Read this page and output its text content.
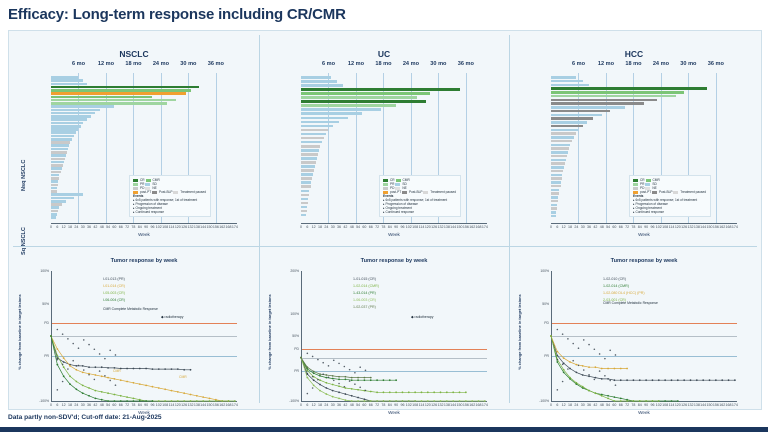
Efficacy: Long-term response including CR/CMR
NSCLC	UC	HCC
6 mo 12 mo 18 mo 24 mo 30 mo 36 mo	6 mo 12 mo 18 mo 24 mo 30 mo 36 mo	6 mo 12 mo 18 mo 24 mo 30 mo 36 mo
0 6 12 18 24 30 36 42 48 54 60 66 72 78 84 90 96 102 108 114 120 126 132 138 144 150 156 162 168 174
Week
CR CMR
PR SD
PD NE
post-PT Post-BLP Treatment paused
Events
▸ 6x5 patients with response; 1st of treatment
▸ Progression of disease
▸ Ongoing treatment
▸ Continued response
0 6 12 18 24 30 36 42 48 54 60 66 72 78 84 90 96 102 108 114 120 126 132 138 144 150 156 162 168 174
Week
CR CMR
PR SD
PD NE
post-PT Post-BLP Treatment paused
Events
▸ 6x5 patients with response; 1st of treatment
▸ Progression of disease
▸ Ongoing treatment
▸ Continued response
0 6 12 18 24 30 36 42 48 54 60 66 72 78 84 90 96 102 108 114 120 126 132 138 144 150 156 162 168 174
Week
CR CMR
PR SD
PD NE
post-PT Post-BLP Treatment paused
Events
▸ 6x5 patients with response; 1st of treatment
▸ Progression of disease
▸ Ongoing treatment
▸ Continued response
Nsq NSCLC
Sq NSCLC
Tumor response by week
100%
50%
PD
PR
-100%
0 6 12 18 24 30 36 42 48 54 60 66 72 78 84 90 96 102 108 114 120 126 132 138 144 150 156 162 168 174
Week
% change from baseline in target lesions
I-01-013 (PR)
I-01-014 (CR)
I-05-003 (CR)
I-06-004 (CR)
◆ radiotherapy
CMR Complete Metabolic Response
CMR
CMR
Tumor response by week
200%
100%
50%
PD
PR
-100%
0 6 12 18 24 30 36 42 48 54 60 66 72 78 84 90 96 102 108 114 120 126 132 138 144 150 156 162 168 174
Week
% change from baseline in target lesions
1-01-015 (CR)
1-02-014 (CMR)
1-43-014 (PR)
1-06-003 (CR)
1-02-037 (PR)
◆ radiotherapy
Tumor response by week
100%
50%
PD
PR
-100%
0 6 12 18 24 30 36 42 48 54 60 66 72 78 84 90 96 102 108 114 120 126 132 138 144 150 156 162 168 174
Week
% change from baseline in target lesions
1-02-010 (CR)
1-02-014 (CMR)
1-02-080 DL4 (HCC) (PR)
2-03-001 (CR)
CMR Complete Metabolic Response
Data partly non-SDV'd; Cut-off date: 21-Aug-2025
